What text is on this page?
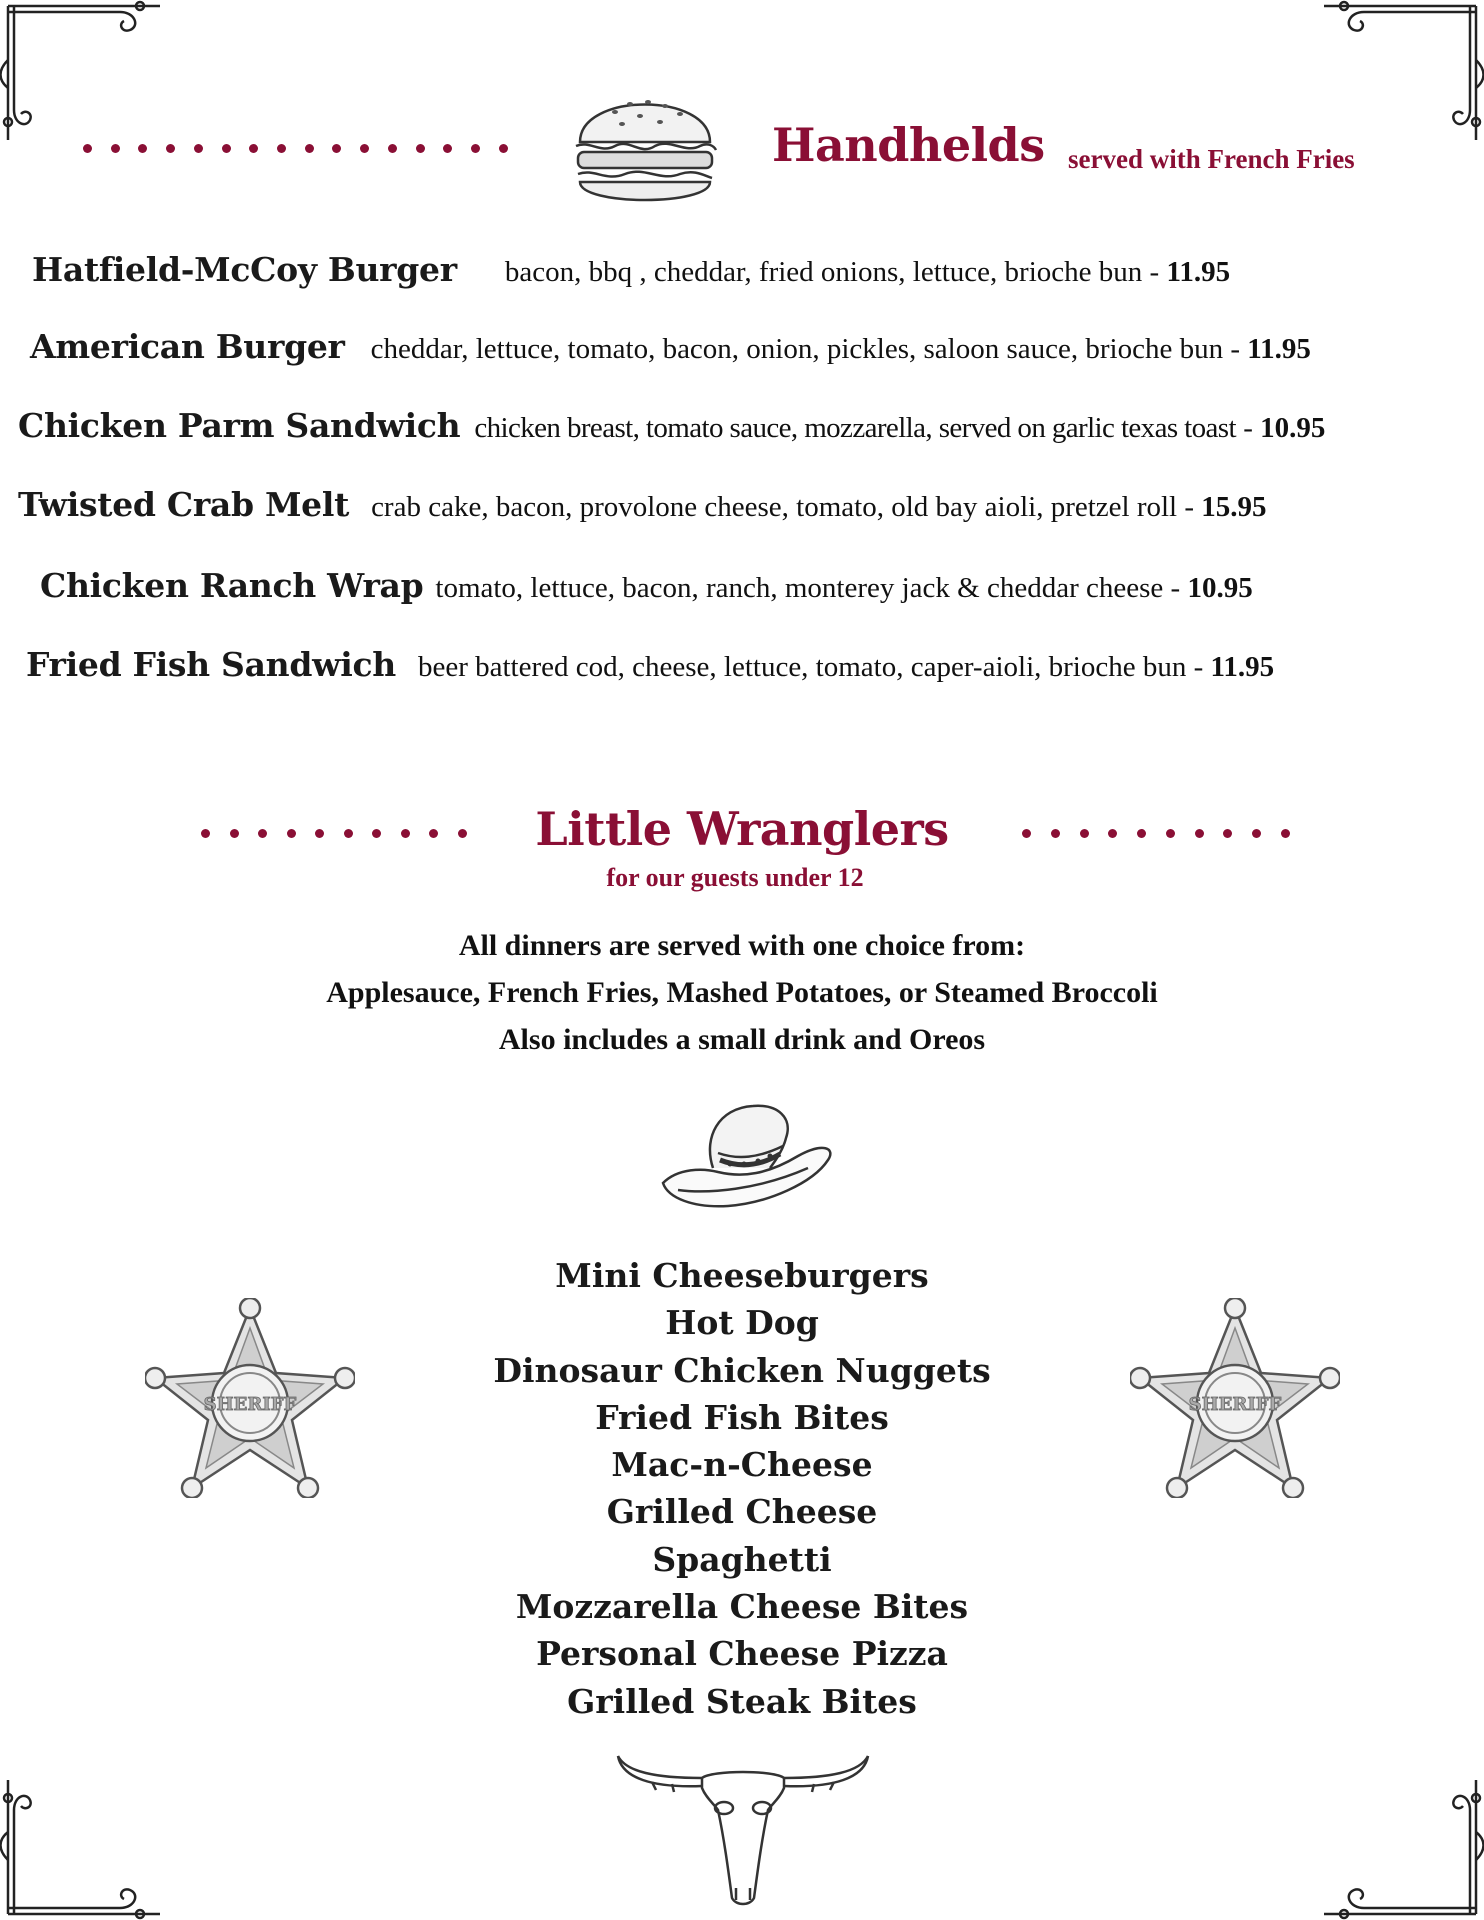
Handhelds served with French Fries
Hatfield-McCoy Burger bacon, bbq , cheddar, fried onions, lettuce, brioche bun - 11.95
American Burger cheddar, lettuce, tomato, bacon, onion, pickles, saloon sauce, brioche bun - 11.95
Chicken Parm Sandwich chicken breast, tomato sauce, mozzarella, served on garlic texas toast - 10.95
Twisted Crab Melt crab cake, bacon, provolone cheese, tomato, old bay aioli, pretzel roll - 15.95
Chicken Ranch Wrap tomato, lettuce, bacon, ranch, monterey jack & cheddar cheese - 10.95
Fried Fish Sandwich beer battered cod, cheese, lettuce, tomato, caper-aioli, brioche bun - 11.95
Little Wranglers
for our guests under 12
All dinners are served with one choice from:
Applesauce, French Fries, Mashed Potatoes, or Steamed Broccoli
Also includes a small drink and Oreos
SHERIFF	SHERIFF
Mini Cheeseburgers
Hot Dog
Dinosaur Chicken Nuggets
Fried Fish Bites
Mac-n-Cheese
Grilled Cheese
Spaghetti
Mozzarella Cheese Bites
Personal Cheese Pizza
Grilled Steak Bites
